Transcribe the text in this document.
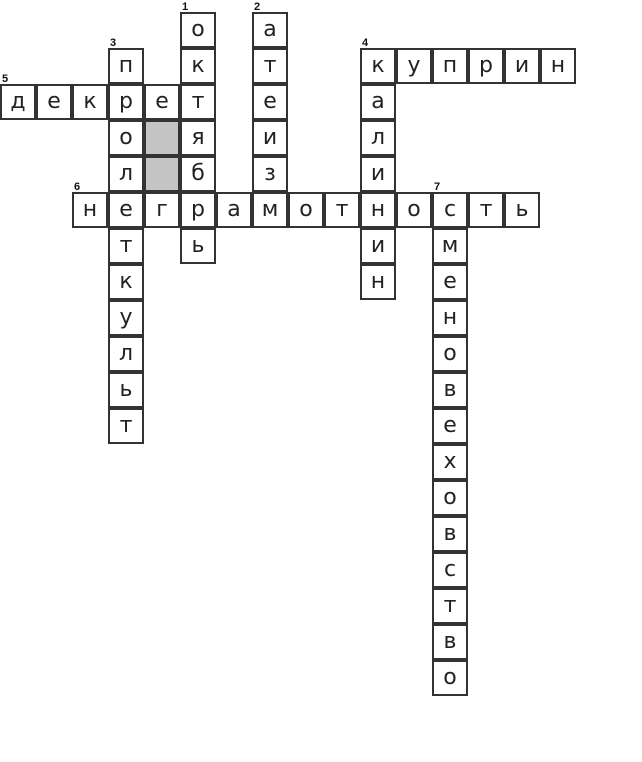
о
1
к
т
я
б
р
ь
а
2
т
е
и
з
м
п
3
р
о
л
е
т
к
у
л
ь
т
к
4
а
л
и
н
и
н
у	п р и н
д
5
е	к	е
н
6
г	а	о	т	о	с
7
т	ь
м
е
н
о
в
е
х
о
в
с
т
в
о
